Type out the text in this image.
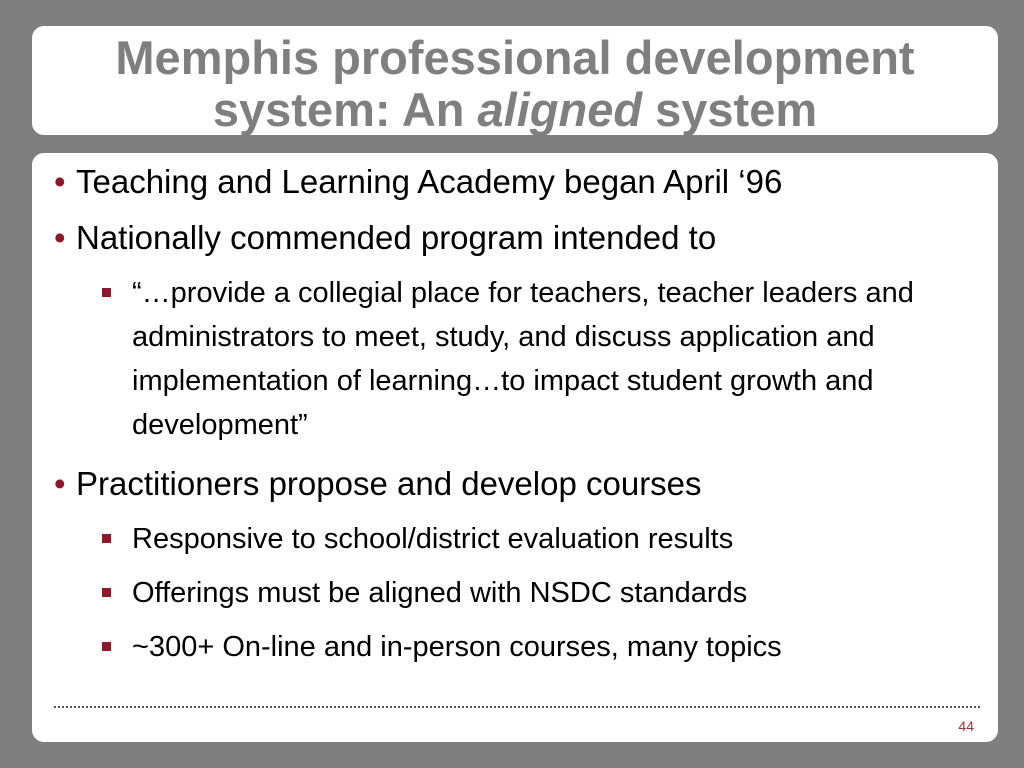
Memphis professional development
system: An aligned system
• Teaching and Learning Academy began April ‘96
• Nationally commended program intended to
“…provide a collegial place for teachers, teacher leaders and administrators to meet, study, and discuss application and implementation of learning…to impact student growth and development”
• Practitioners propose and develop courses
Responsive to school/district evaluation results
Offerings must be aligned with NSDC standards
~300+ On-line and in-person courses, many topics
44
